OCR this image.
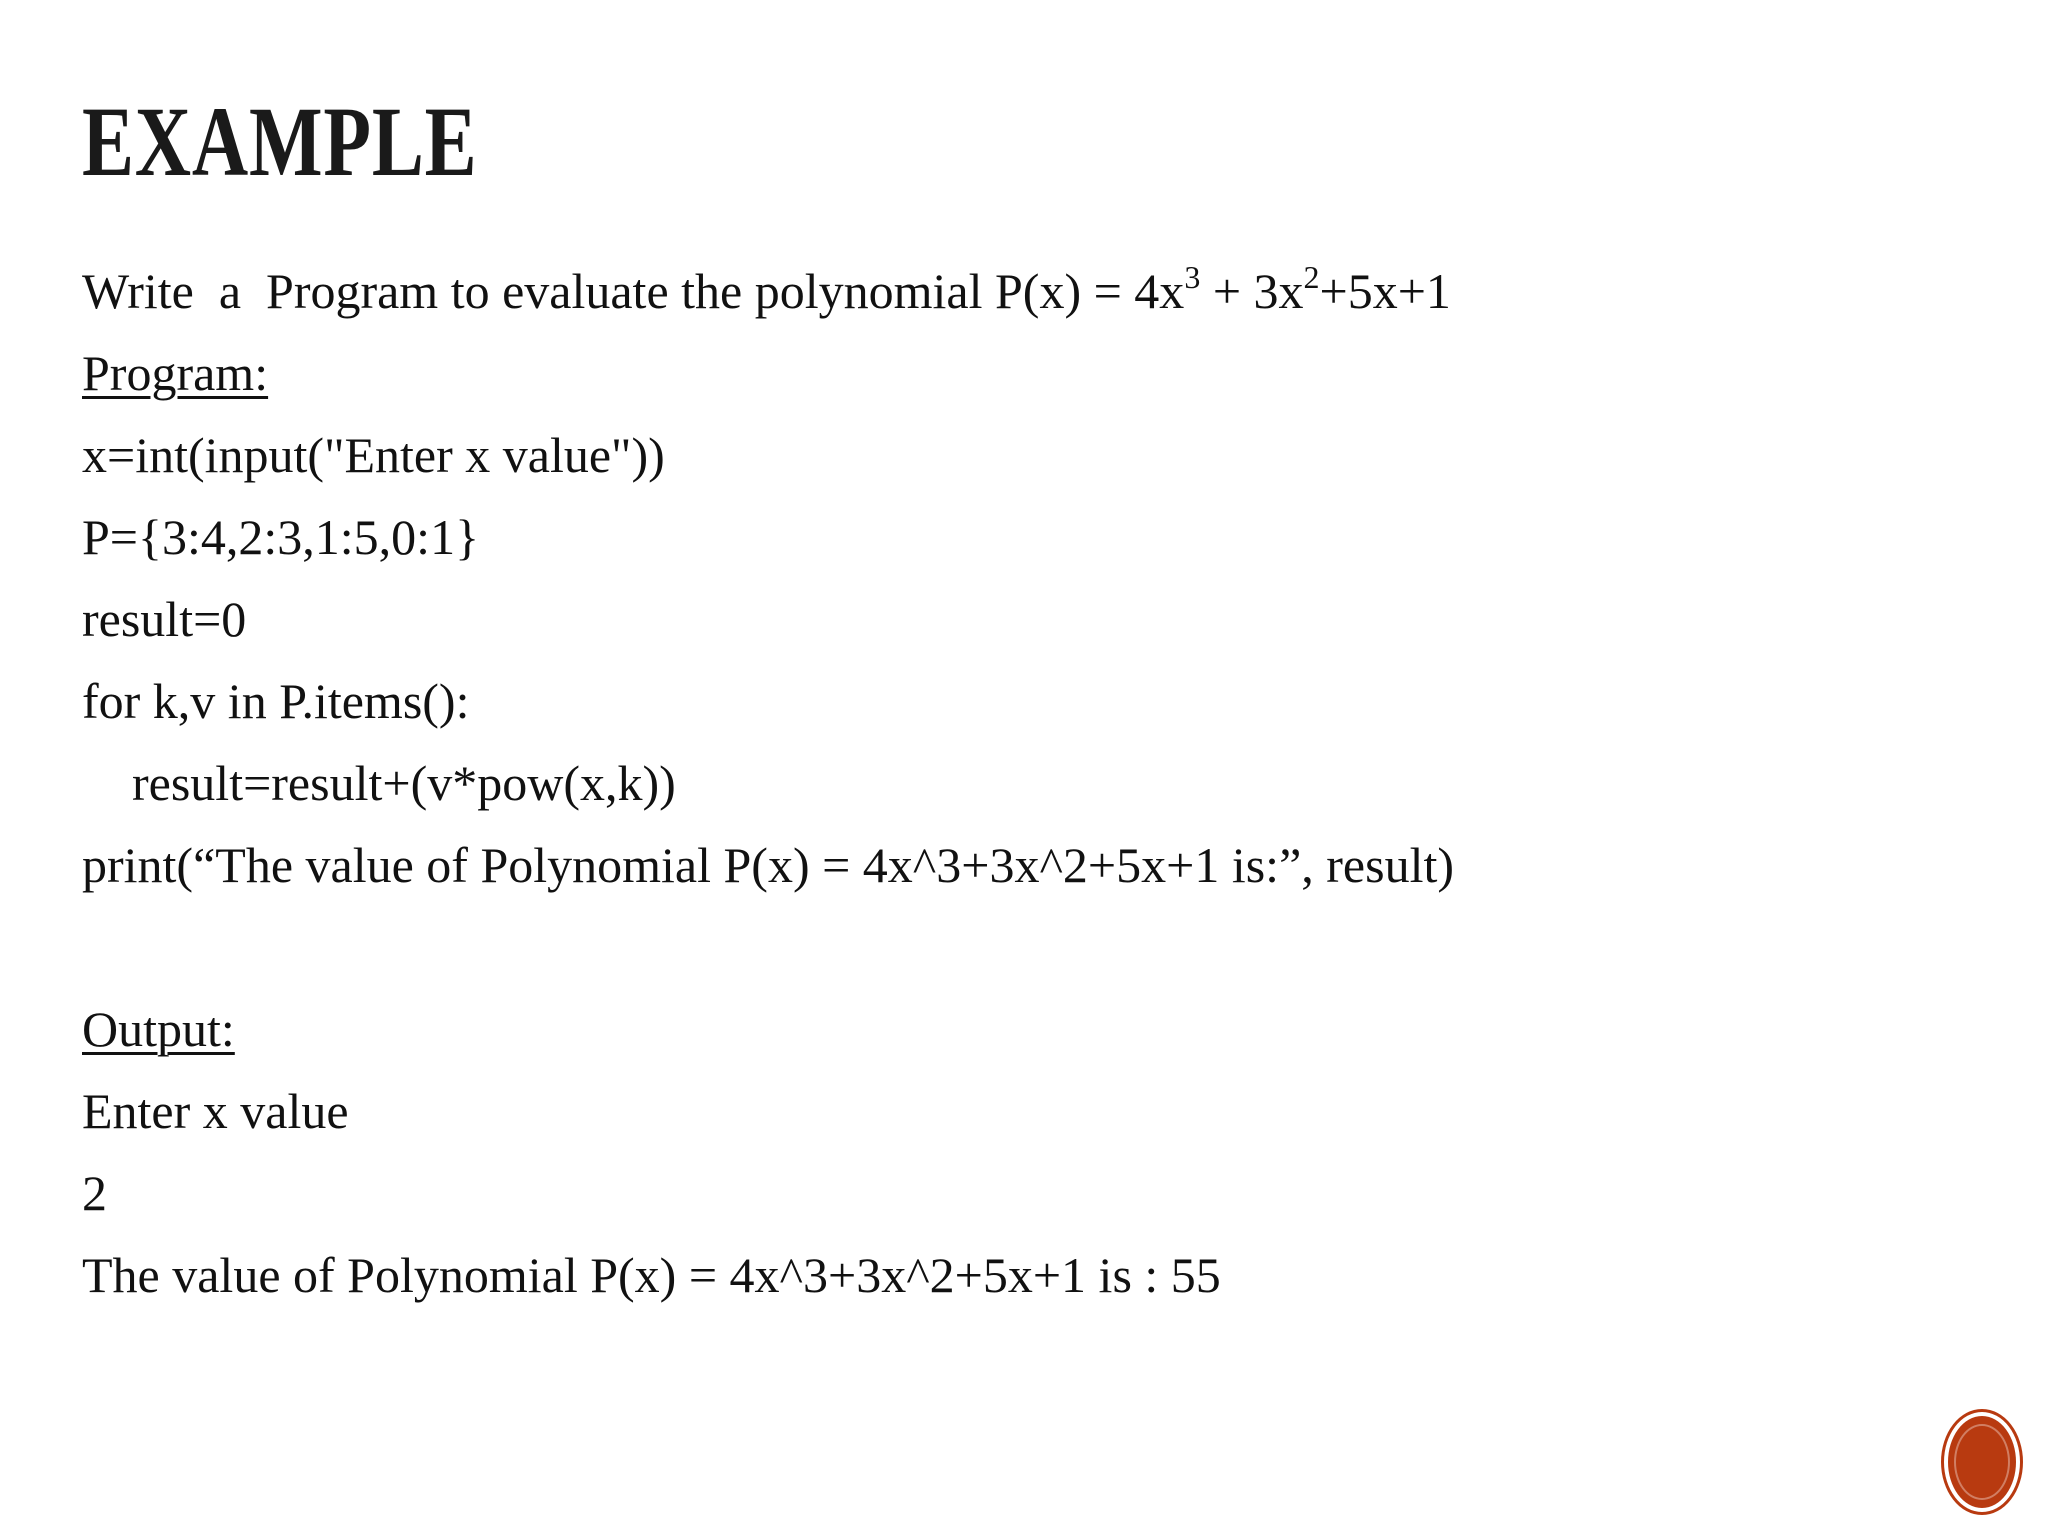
EXAMPLE
Write  a  Program to evaluate the polynomial $P(x) = 4x^3 + 3x^2+5x+1$
Program:
x=int(input("Enter x value"))
P={3:4,2:3,1:5,0:1}
result=0
for k,v in P.items():
result=result+(v*pow(x,k))
print(“The value of Polynomial P(x) = 4x^3+3x^2+5x+1 is:”, result)
Output:
Enter x value
2
The value of Polynomial P(x) = 4x^3+3x^2+5x+1 is : 55
